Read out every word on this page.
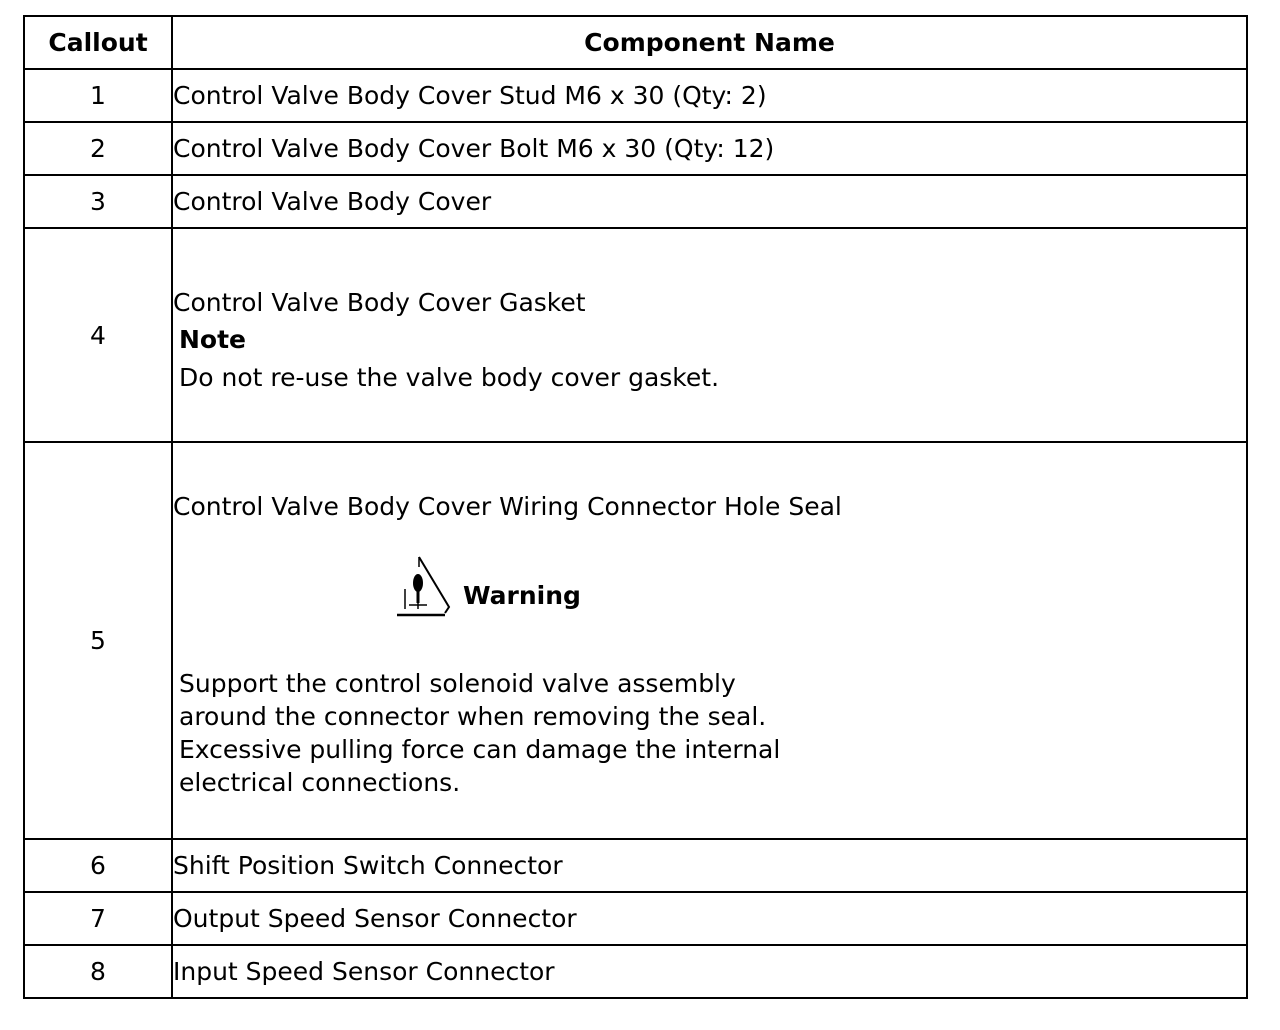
Callout	Component Name
1	Control Valve Body Cover Stud M6 x 30 (Qty: 2)
2	Control Valve Body Cover Bolt M6 x 30 (Qty: 12)
3	Control Valve Body Cover
4	Control Valve Body Cover Gasket
Note
Do not re-use the valve body cover gasket.

5	Control Valve Body Cover Wiring Connector Hole Seal
Warning
Support the control solenoid valve assembly around the connector when removing the seal. Excessive pulling force can damage the internal electrical connections.

6	Shift Position Switch Connector
7	Output Speed Sensor Connector
8	Input Speed Sensor Connector
